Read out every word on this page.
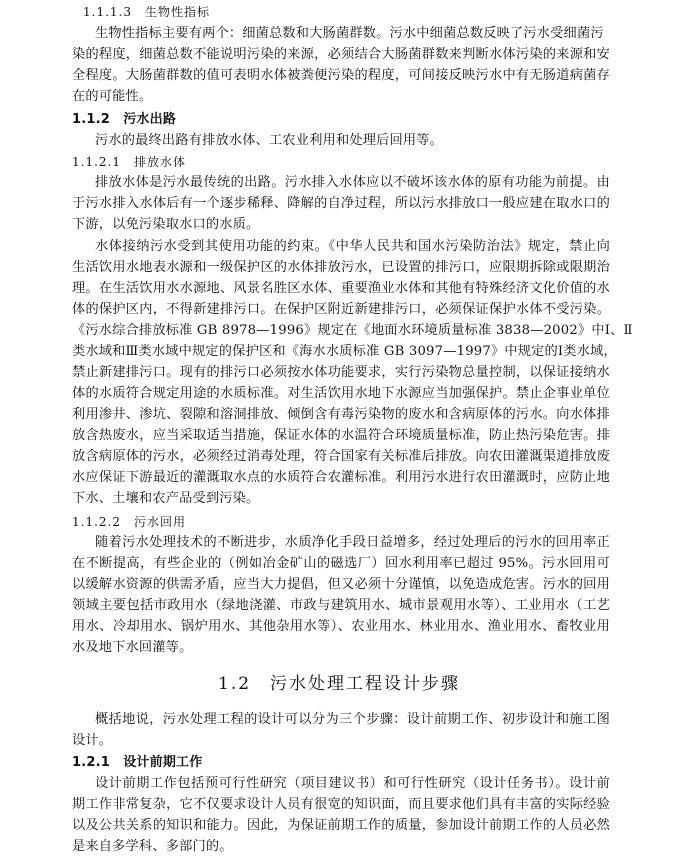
1.1.1.3　生物性指标
生物性指标主要有两个：细菌总数和大肠菌群数。污水中细菌总数反映了污水受细菌污
染的程度，细菌总数不能说明污染的来源，必须结合大肠菌群数来判断水体污染的来源和安
全程度。大肠菌群数的值可表明水体被粪便污染的程度，可间接反映污水中有无肠道病菌存
在的可能性。
1.1.2　污水出路
污水的最终出路有排放水体、工农业利用和处理后回用等。
1.1.2.1　排放水体
排放水体是污水最传统的出路。污水排入水体应以不破坏该水体的原有功能为前提。由
于污水排入水体后有一个逐步稀释、降解的自净过程，所以污水排放口一般应建在取水口的
下游，以免污染取水口的水质。
水体接纳污水受到其使用功能的约束。《中华人民共和国水污染防治法》规定，禁止向
生活饮用水地表水源和一级保护区的水体排放污水，已设置的排污口，应限期拆除或限期治
理。在生活饮用水水源地、风景名胜区水体、重要渔业水体和其他有特殊经济文化价值的水
体的保护区内，不得新建排污口。在保护区附近新建排污口，必须保证保护水体不受污染。
《污水综合排放标准 GB 8978—1996》规定在《地面水环境质量标准 3838—2002》中Ⅰ、Ⅱ
类水域和Ⅲ类水域中规定的保护区和《海水水质标准 GB 3097—1997》中规定的Ⅰ类水域，
禁止新建排污口。现有的排污口必须按水体功能要求，实行污染物总量控制，以保证接纳水
体的水质符合规定用途的水质标准。对生活饮用水地下水源应当加强保护。禁止企事业单位
利用渗井、渗坑、裂隙和溶洞排放、倾倒含有毒污染物的废水和含病原体的污水。向水体排
放含热废水，应当采取适当措施，保证水体的水温符合环境质量标准，防止热污染危害。排
放含病原体的污水，必须经过消毒处理，符合国家有关标准后排放。向农田灌溉渠道排放废
水应保证下游最近的灌溉取水点的水质符合农灌标准。利用污水进行农田灌溉时，应防止地
下水、土壤和农产品受到污染。
1.1.2.2　污水回用
随着污水处理技术的不断进步，水质净化手段日益增多，经过处理后的污水的回用率正
在不断提高，有些企业的（例如冶金矿山的磁选厂）回水利用率已超过 95%。污水回用可
以缓解水资源的供需矛盾，应当大力提倡，但又必须十分谨慎，以免造成危害。污水的回用
领域主要包括市政用水（绿地浇灌、市政与建筑用水、城市景观用水等）、工业用水（工艺
用水、冷却用水、锅炉用水、其他杂用水等）、农业用水、林业用水、渔业用水、畜牧业用
水及地下水回灌等。
1.2　污水处理工程设计步骤
概括地说，污水处理工程的设计可以分为三个步骤：设计前期工作、初步设计和施工图
设计。
1.2.1　设计前期工作
设计前期工作包括预可行性研究（项目建议书）和可行性研究（设计任务书）。设计前
期工作非常复杂，它不仅要求设计人员有很宽的知识面，而且要求他们具有丰富的实际经验
以及公共关系的知识和能力。因此，为保证前期工作的质量，参加设计前期工作的人员必然
是来自多学科、多部门的。
